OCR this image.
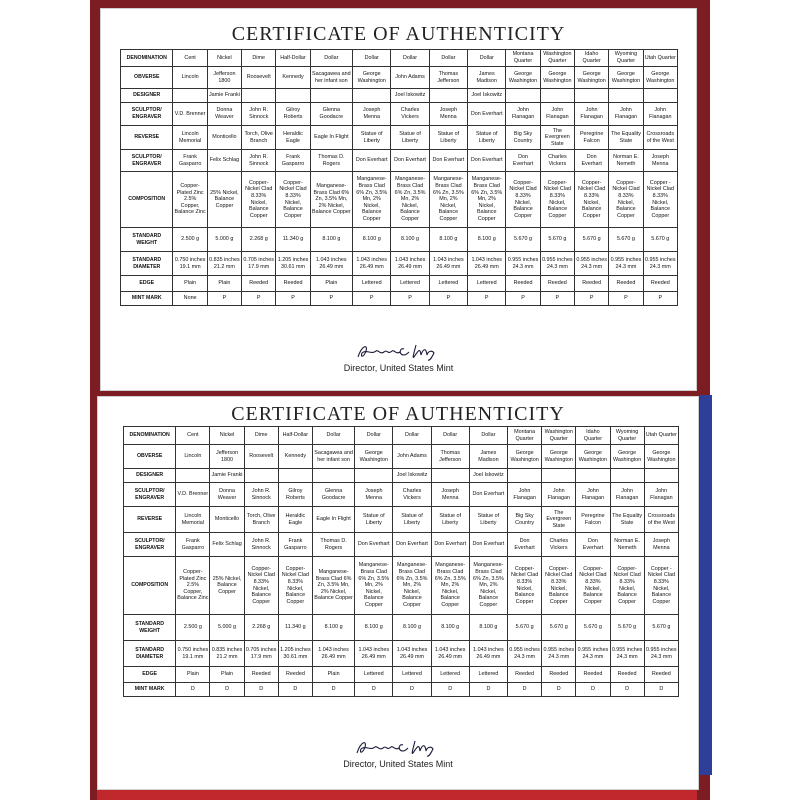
CERTIFICATE OF AUTHENTICITY
DENOMINATION	Cent	Nickel	Dime	Half-Dollar	Dollar	Dollar	Dollar	Dollar	Dollar	Montana Quarter	Washington Quarter	Idaho Quarter	Wyoming Quarter	Utah Quarter
OBVERSE	Lincoln	Jefferson 1800	Roosevelt	Kennedy	Sacagawea and her infant son	George Washington	John Adams	Thomas Jefferson	James Madison	George Washington	George Washington	George Washington	George Washington	George Washington
DESIGNER		Jamie Franki					Joel Iskowitz		Joel Iskowitz					
SCULPTOR/ ENGRAVER	V.D. Brenner	Donna Weaver	John R. Sinnock	Gilroy Roberts	Glenna Goodacre	Joseph Menna	Charles Vickers	Joseph Menna	Don Everhart	John Flanagan	John Flanagan	John Flanagan	John Flanagan	John Flanagan
REVERSE	Lincoln Memorial	Monticello	Torch, Olive Branch	Heraldic Eagle	Eagle In Flight	Statue of Liberty	Statue of Liberty	Statue of Liberty	Statue of Liberty	Big Sky Country	The Evergreen State	Peregrine Falcon	The Equality State	Crossroads of the West
SCULPTOR/ ENGRAVER	Frank Gasparro	Felix Schlag	John R. Sinnock	Frank Gasparro	Thomas D. Rogers	Don Everhart	Don Everhart	Don Everhart	Don Everhart	Don Everhart	Charles Vickers	Don Everhart	Norman E. Nemeth	Joseph Menna
COMPOSITION	Copper-Plated Zinc 2.5% Copper, Balance Zinc	25% Nickel, Balance Copper	Copper-Nickel Clad 8.33% Nickel, Balance Copper	Copper-Nickel Clad 8.33% Nickel, Balance Copper	Manganese-Brass Clad 6% Zn, 3.5% Mn, 2% Nickel, Balance Copper	Manganese-Brass Clad 6% Zn, 3.5% Mn, 2% Nickel, Balance Copper	Manganese-Brass Clad 6% Zn, 3.5% Mn, 2% Nickel, Balance Copper	Manganese-Brass Clad 6% Zn, 3.5% Mn, 2% Nickel, Balance Copper	Manganese-Brass Clad 6% Zn, 3.5% Mn, 2% Nickel, Balance Copper	Copper-Nickel Clad 8.33% Nickel, Balance Copper	Copper-Nickel Clad 8.33% Nickel, Balance Copper	Copper-Nickel Clad 8.33% Nickel, Balance Copper	Copper-Nickel Clad 8.33% Nickel, Balance Copper	Copper - Nickel Clad 8.33% Nickel, Balance Copper
STANDARD WEIGHT	2.500 g	5.000 g	2.268 g	11.340 g	8.100 g	8.100 g	8.100 g	8.100 g	8.100 g	5.670 g	5.670 g	5.670 g	5.670 g	5.670 g
STANDARD DIAMETER	0.750 inches 19.1 mm	0.835 inches 21.2 mm	0.705 inches 17.9 mm	1.205 inches 30.61 mm	1.043 inches 26.49 mm	1.043 inches 26.49 mm	1.043 inches 26.49 mm	1.043 inches 26.49 mm	1.043 inches 26.49 mm	0.955 inches 24.3 mm	0.955 inches 24.3 mm	0.955 inches 24.3 mm	0.955 inches 24.3 mm	0.955 inches 24.3 mm
EDGE	Plain	Plain	Reeded	Reeded	Plain	Lettered	Lettered	Lettered	Lettered	Reeded	Reeded	Reeded	Reeded	Reeded
MINT MARK	None	P	P	P	P	P	P	P	P	P	P	P	P	P
Director, United States Mint
CERTIFICATE OF AUTHENTICITY
DENOMINATION	Cent	Nickel	Dime	Half-Dollar	Dollar	Dollar	Dollar	Dollar	Dollar	Montana Quarter	Washington Quarter	Idaho Quarter	Wyoming Quarter	Utah Quarter
OBVERSE	Lincoln	Jefferson 1800	Roosevelt	Kennedy	Sacagawea and her infant son	George Washington	John Adams	Thomas Jefferson	James Madison	George Washington	George Washington	George Washington	George Washington	George Washington
DESIGNER		Jamie Franki					Joel Iskowitz		Joel Iskowitz					
SCULPTOR/ ENGRAVER	V.D. Brenner	Donna Weaver	John R. Sinnock	Gilroy Roberts	Glenna Goodacre	Joseph Menna	Charles Vickers	Joseph Menna	Don Everhart	John Flanagan	John Flanagan	John Flanagan	John Flanagan	John Flanagan
REVERSE	Lincoln Memorial	Monticello	Torch, Olive Branch	Heraldic Eagle	Eagle In Flight	Statue of Liberty	Statue of Liberty	Statue of Liberty	Statue of Liberty	Big Sky Country	The Evergreen State	Peregrine Falcon	The Equality State	Crossroads of the West
SCULPTOR/ ENGRAVER	Frank Gasparro	Felix Schlag	John R. Sinnock	Frank Gasparro	Thomas D. Rogers	Don Everhart	Don Everhart	Don Everhart	Don Everhart	Don Everhart	Charles Vickers	Don Everhart	Norman E. Nemeth	Joseph Menna
COMPOSITION	Copper-Plated Zinc 2.5% Copper, Balance Zinc	25% Nickel, Balance Copper	Copper-Nickel Clad 8.33% Nickel, Balance Copper	Copper-Nickel Clad 8.33% Nickel, Balance Copper	Manganese-Brass Clad 6% Zn, 3.5% Mn, 2% Nickel, Balance Copper	Manganese-Brass Clad 6% Zn, 3.5% Mn, 2% Nickel, Balance Copper	Manganese-Brass Clad 6% Zn, 3.5% Mn, 2% Nickel, Balance Copper	Manganese-Brass Clad 6% Zn, 3.5% Mn, 2% Nickel, Balance Copper	Manganese-Brass Clad 6% Zn, 3.5% Mn, 2% Nickel, Balance Copper	Copper-Nickel Clad 8.33% Nickel, Balance Copper	Copper-Nickel Clad 8.33% Nickel, Balance Copper	Copper-Nickel Clad 8.33% Nickel, Balance Copper	Copper-Nickel Clad 8.33% Nickel, Balance Copper	Copper - Nickel Clad 8.33% Nickel, Balance Copper
STANDARD WEIGHT	2.500 g	5.000 g	2.268 g	11.340 g	8.100 g	8.100 g	8.100 g	8.100 g	8.100 g	5.670 g	5.670 g	5.670 g	5.670 g	5.670 g
STANDARD DIAMETER	0.750 inches 19.1 mm	0.835 inches 21.2 mm	0.705 inches 17.9 mm	1.205 inches 30.61 mm	1.043 inches 26.49 mm	1.043 inches 26.49 mm	1.043 inches 26.49 mm	1.043 inches 26.49 mm	1.043 inches 26.49 mm	0.955 inches 24.3 mm	0.955 inches 24.3 mm	0.955 inches 24.3 mm	0.955 inches 24.3 mm	0.955 inches 24.3 mm
EDGE	Plain	Plain	Reeded	Reeded	Plain	Lettered	Lettered	Lettered	Lettered	Reeded	Reeded	Reeded	Reeded	Reeded
MINT MARK	D	D	D	D	D	D	D	D	D	D	D	D	D	D
Director, United States Mint
